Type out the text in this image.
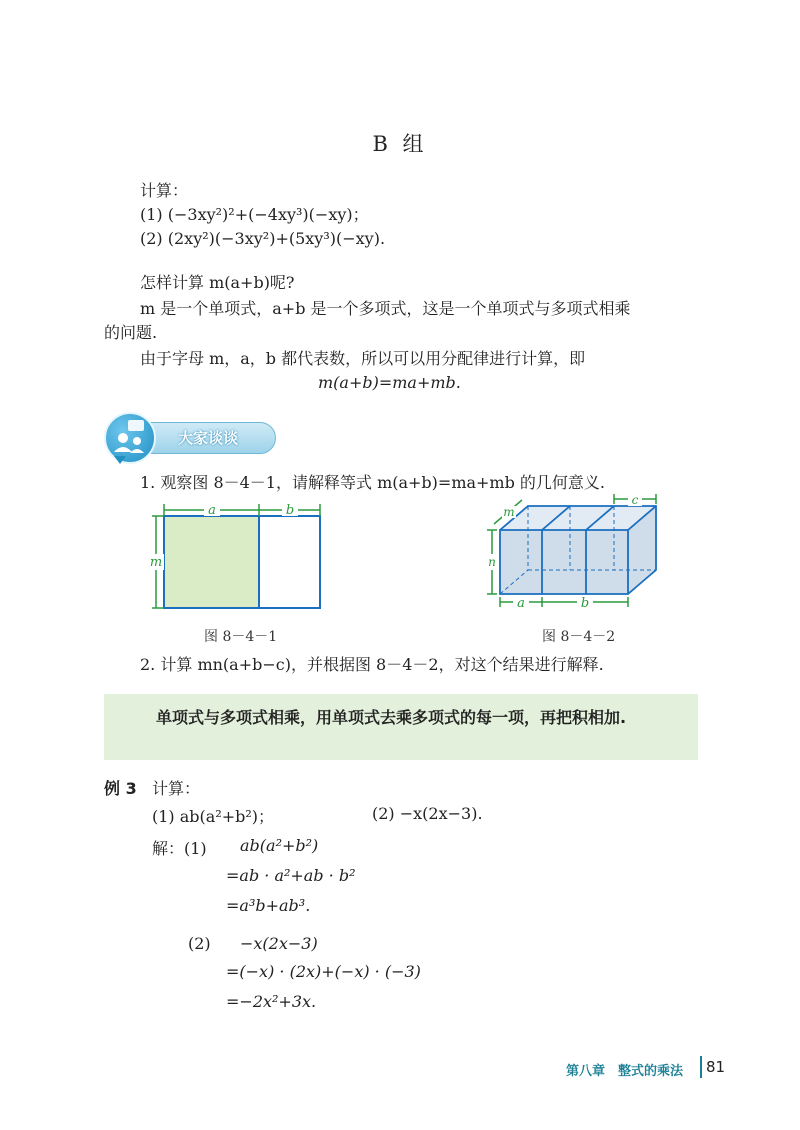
B 组
计算：
(1) (−3xy²)²+(−4xy³)(−xy)；
(2) (2xy²)(−3xy²)+(5xy³)(−xy).
怎样计算 m(a+b)呢?
m 是一个单项式，a+b 是一个多项式，这是一个单项式与多项式相乘
的问题.
由于字母 m，a，b 都代表数，所以可以用分配律进行计算，即
m(a+b)=ma+mb.
大家谈谈
1. 观察图 8－4－1，请解释等式 m(a+b)=ma+mb 的几何意义.
a	b
m
图 8－4－1
a	b
c
m
n
图 8－4－2
2. 计算 mn(a+b−c)，并根据图 8－4－2，对这个结果进行解释.
单项式与多项式相乘，用单项式去乘多项式的每一项，再把积相加.
例 3 计算：
(1) ab(a²+b²)；	(2) −x(2x−3).
解：(1) ab(a²+b²)
=ab · a²+ab · b²
=a³b+ab³.
(2) −x(2x−3)
=(−x) · (2x)+(−x) · (−3)
=−2x²+3x.
第八章　整式的乘法 81
